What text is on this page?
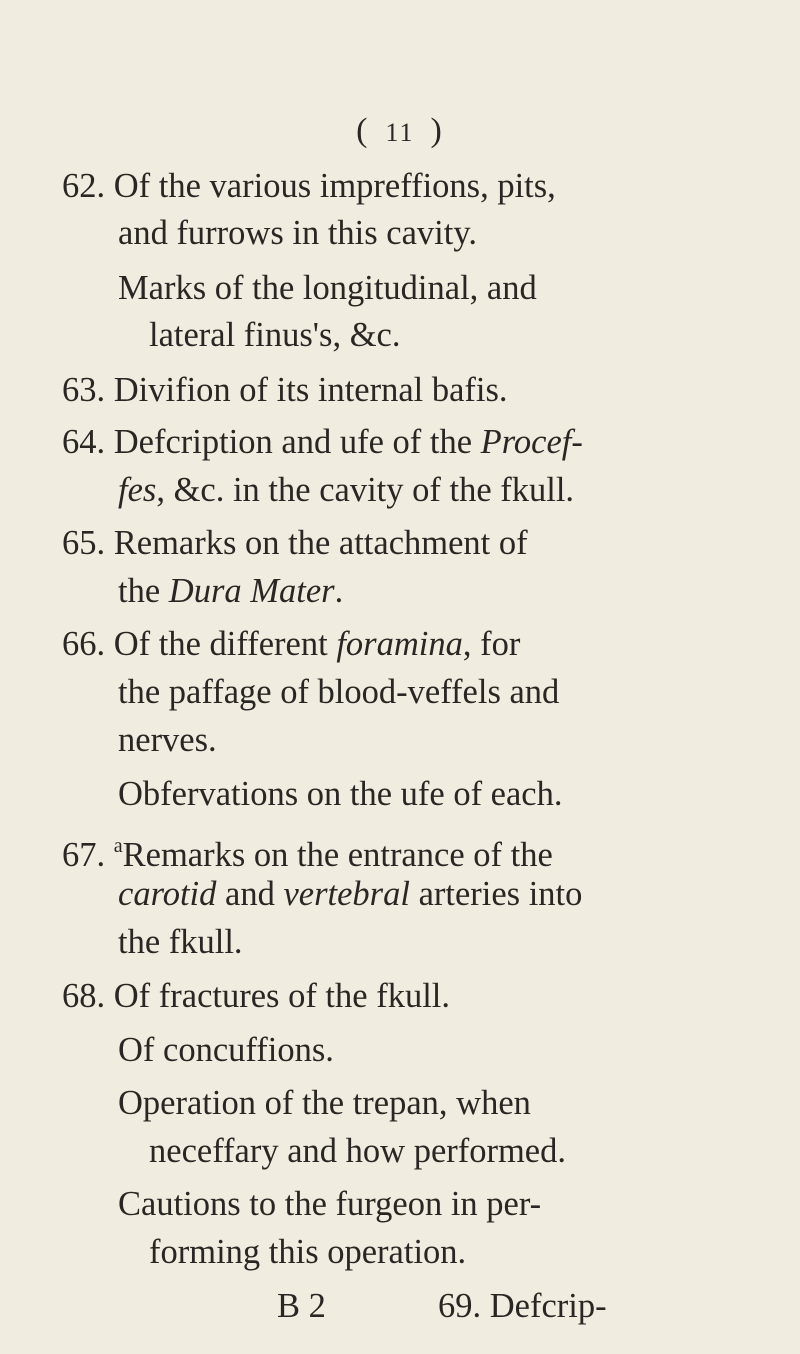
( 11 )
62. Of the various impreffions, pits,
and furrows in this cavity.
Marks of the longitudinal, and
lateral finus's, &c.
63. Divifion of its internal bafis.
64. Defcription and ufe of the Procef-
fes, &c. in the cavity of the fkull.
65. Remarks on the attachment of
the Dura Mater.
66. Of the different foramina, for
the paffage of blood-veffels and
nerves.
Obfervations on the ufe of each.
67. $^a$Remarks on the entrance of the
carotid and vertebral arteries into
the fkull.
68. Of fractures of the fkull.
Of concuffions.
Operation of the trepan, when
neceffary and how performed.
Cautions to the furgeon in per-
forming this operation.
B 2	69. Defcrip-
